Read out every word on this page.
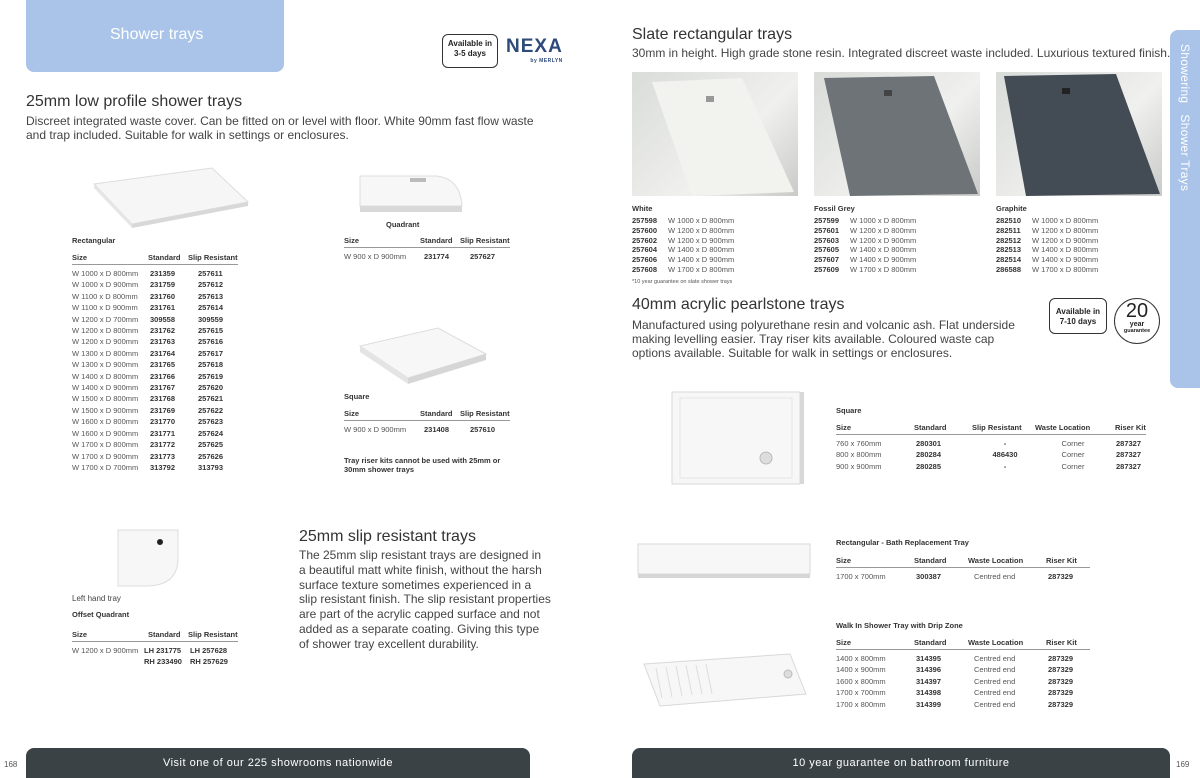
Shower trays
Available in
3-5 days	NEXA
by MERLYN
25mm low profile shower trays
Discreet integrated waste cover. Can be fitted on or level with floor. White 90mm fast flow waste and trap included. Suitable for walk in settings or enclosures.
Rectangular
Size	Standard Slip Resistant
W 1000 x D 800mm	231359	257611
W 1000 x D 900mm	231759	257612
W 1100 x D 800mm	231760	257613
W 1100 x D 900mm	231761	257614
W 1200 x D 700mm	309558	309559
W 1200 x D 800mm	231762	257615
W 1200 x D 900mm	231763	257616
W 1300 x D 800mm	231764	257617
W 1300 x D 900mm	231765	257618
W 1400 x D 800mm	231766	257619
W 1400 x D 900mm	231767	257620
W 1500 x D 800mm	231768	257621
W 1500 x D 900mm	231769	257622
W 1600 x D 800mm	231770	257623
W 1600 x D 900mm	231771	257624
W 1700 x D 800mm	231772	257625
W 1700 x D 900mm	231773	257626
W 1700 x D 700mm	313792	313793
Quadrant
Size	Standard Slip Resistant
W 900 x D 900mm	231774	257627
Square
Size	Standard Slip Resistant
W 900 x D 900mm	231408	257610
Tray riser kits cannot be used with 25mm or 30mm shower trays
Left hand tray
Offset Quadrant
Size	Standard Slip Resistant
W 1200 x D 900mm LH 231775	LH 257628
RH 233490	RH 257629
25mm slip resistant trays
The 25mm slip resistant trays are designed in a beautiful matt white finish, without the harsh surface texture sometimes experienced in a slip resistant finish. The slip resistant properties are part of the acrylic capped surface and not added as a separate coating. Giving this type of shower tray excellent durability.
Visit one of our 225 showrooms nationwide
168
Slate rectangular trays
30mm in height. High grade stone resin. Integrated discreet waste included. Luxurious textured finish.
White
257598	W 1000 x D 800mm
257600	W 1200 x D 800mm
257602	W 1200 x D 900mm
257604	W 1400 x D 800mm
257606	W 1400 x D 900mm
257608	W 1700 x D 800mm
Fossil Grey
257599	W 1000 x D 800mm
257601	W 1200 x D 800mm
257603	W 1200 x D 900mm
257605	W 1400 x D 800mm
257607	W 1400 x D 900mm
257609	W 1700 x D 800mm
Graphite
282510	W 1000 x D 800mm
282511	W 1200 x D 800mm
282512	W 1200 x D 900mm
282513	W 1400 x D 800mm
282514	W 1400 x D 900mm
286588	W 1700 x D 800mm
*10 year guarantee on slate shower trays
40mm acrylic pearlstone trays
Manufactured using polyurethane resin and volcanic ash. Flat underside making levelling easier. Tray riser kits available. Coloured waste cap options available. Suitable for walk in settings or enclosures.
Available in
7-10 days	20
year
guarantee
Square
Size	Standard	Slip Resistant	Waste Location	Riser Kit
760 x 760mm	280301	-	Corner	287327
800 x 800mm	280284	486430	Corner	287327
900 x 900mm	280285	-	Corner	287327
Rectangular - Bath Replacement Tray
Size	Standard	Waste Location	Riser Kit
1700 x 700mm	300387	Centred end	287329
Walk In Shower Tray with Drip Zone
Size	Standard	Waste Location	Riser Kit
1400 x 800mm	314395	Centred end	287329
1400 x 900mm	314396	Centred end	287329
1600 x 800mm	314397	Centred end	287329
1700 x 700mm	314398	Centred end	287329
1700 x 800mm	314399	Centred end	287329
Showering   Shower Trays
10 year guarantee on bathroom furniture	169
